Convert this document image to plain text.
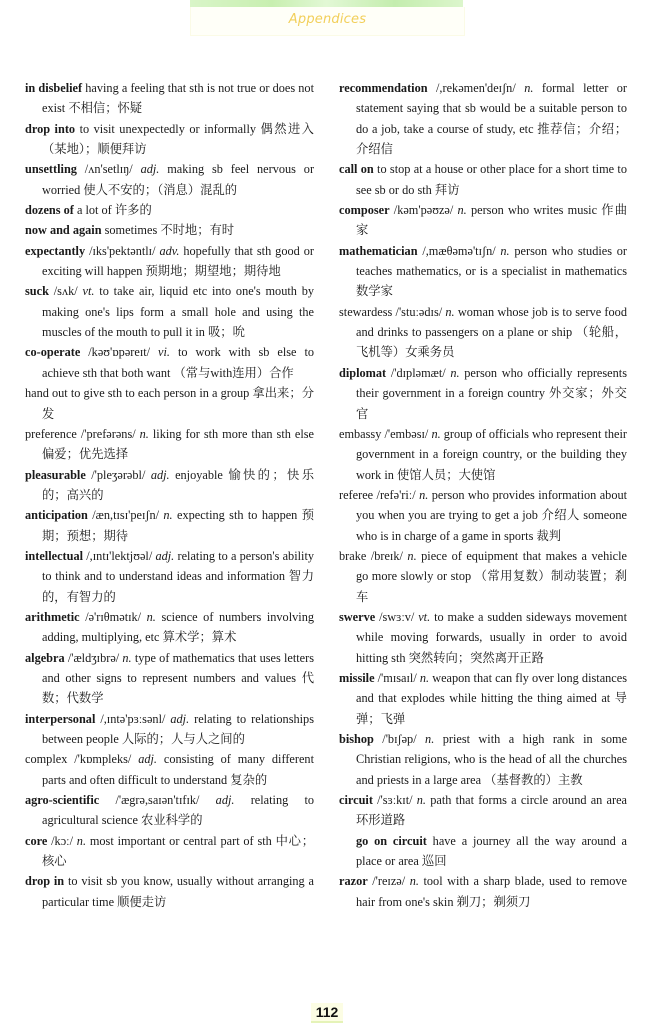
Appendices

in disbelief having a feeling that sth is not true or does not exist 不相信；怀疑

drop into to visit unexpectedly or informally 偶然进入（某地）；顺便拜访

unsettling /ʌn'setlɪŋ/ adj. making sb feel nervous or worried 使人不安的；（消息）混乱的

dozens of a lot of 许多的

now and again sometimes 不时地；有时

expectantly /ɪks'pektəntlɪ/ adv. hopefully that sth good or exciting will happen 预期地；期望地；期待地

suck /sʌk/ vt. to take air, liquid etc into one's mouth by making one's lips form a small hole and using the muscles of the mouth to pull it in 吸；吮

co-operate /kəʊ'ɒpəreɪt/ vi. to work with sb else to achieve sth that both want （常与with连用）合作

hand out to give sth to each person in a group 拿出来；分发

preference /'prefərəns/ n. liking for sth more than sth else 偏爱；优先选择

pleasurable /'pleʒərəbl/ adj. enjoyable 愉快的；快乐的；高兴的

anticipation /æn,tɪsɪ'peɪʃn/ n. expecting sth to happen 预期；预想；期待

intellectual /,ɪntɪ'lektjʊəl/ adj. relating to a person's ability to think and to understand ideas and information 智力的，有智力的

arithmetic /ə'rɪθmətɪk/ n. science of numbers involving adding, multiplying, etc 算术学；算术

algebra /'ældʒɪbrə/ n. type of mathematics that uses letters and other signs to represent numbers and values 代数；代数学

interpersonal /,ɪntə'pɜːsənl/ adj. relating to relationships between people 人际的；人与人之间的

complex /'kɒmpleks/ adj. consisting of many different parts and often difficult to understand 复杂的

agro-scientific /'ægrə,saɪən'tɪfɪk/ adj. relating to agricultural science 农业科学的

core /kɔː/ n. most important or central part of sth 中心；核心

drop in to visit sb you know, usually without arranging a particular time 顺便走访

recommendation /,rekəmen'deɪʃn/ n. formal letter or statement saying that sb would be a suitable person to do a job, take a course of study, etc 推荐信；介绍；介绍信

call on to stop at a house or other place for a short time to see sb or do sth 拜访

composer /kəm'pəʊzə/ n. person who writes music 作曲家

mathematician /,mæθəmə'tɪʃn/ n. person who studies or teaches mathematics, or is a specialist in mathematics 数学家

stewardess /'stuːədɪs/ n. woman whose job is to serve food and drinks to passengers on a plane or ship （轮船，飞机等）女乘务员

diplomat /'dɪpləmæt/ n. person who officially represents their government in a foreign country 外交家；外交官

embassy /'embəsɪ/ n. group of officials who represent their government in a foreign country, or the building they work in 使馆人员；大使馆

referee /refə'riː/ n. person who provides information about you when you are trying to get a job 介绍人 someone who is in charge of a game in sports 裁判

brake /breɪk/ n. piece of equipment that makes a vehicle go more slowly or stop （常用复数）制动装置；刹车

swerve /swɜːv/ vt. to make a sudden sideways movement while moving forwards, usually in order to avoid hitting sth 突然转向；突然离开正路

missile /'mɪsaɪl/ n. weapon that can fly over long distances and that explodes while hitting the thing aimed at 导弹；飞弹

bishop /'bɪʃəp/ n. priest with a high rank in some Christian religions, who is the head of all the churches and priests in a large area （基督教的）主教

circuit /'sɜːkɪt/ n. path that forms a circle around an area 环形道路

go on circuit have a journey all the way around a place or area 巡回

razor /'reɪzə/ n. tool with a sharp blade, used to remove hair from one's skin 剃刀；剃须刀

112
